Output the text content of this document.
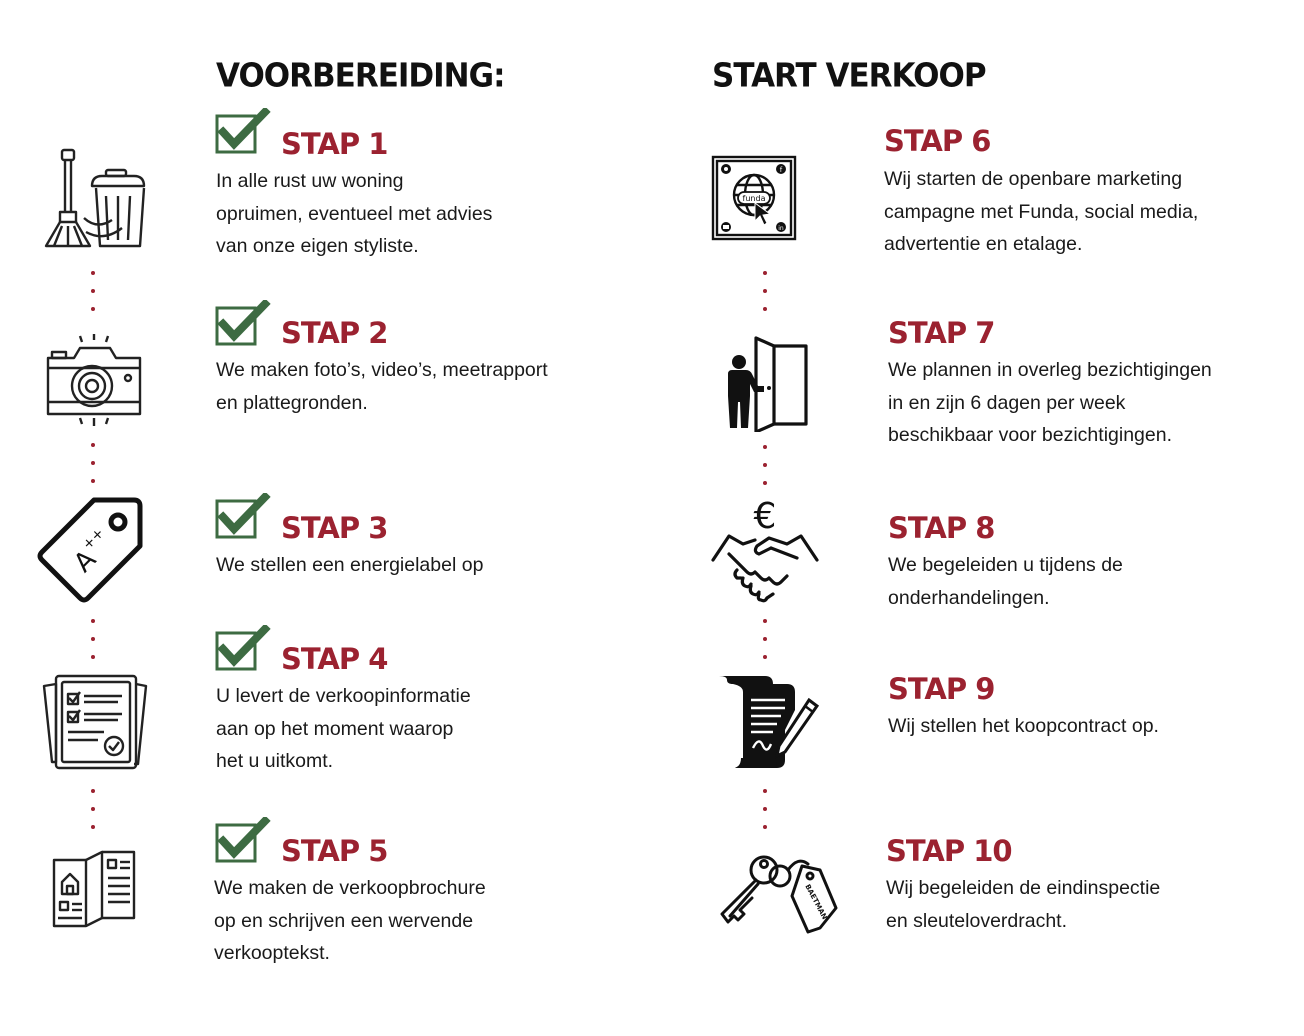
VOORBEREIDING:	START VERKOOP
STAP 1
In alle rust uw woning
opruimen, eventueel met advies
van onze eigen styliste.
STAP 2
We maken foto’s, video’s, meetrapport
en plattegronden.
STAP 3
We stellen een energielabel op
A
++
STAP 4
U levert de verkoopinformatie
aan op het moment waarop
het u uitkomt.
STAP 5
We maken de verkoopbrochure
op en schrijven een wervende
verkooptekst.
STAP 6
Wij starten de openbare marketing
campagne met Funda, social media,
advertentie en etalage.
funda
f
in
STAP 7
We plannen in overleg bezichtigingen
in en zijn 6 dagen per week
beschikbaar voor bezichtigingen.
STAP 8
We begeleiden u tijdens de
onderhandelingen.
€
STAP 9
Wij stellen het koopcontract op.
STAP 10
Wij begeleiden de eindinspectie
en sleuteloverdracht.
BAETMAN
